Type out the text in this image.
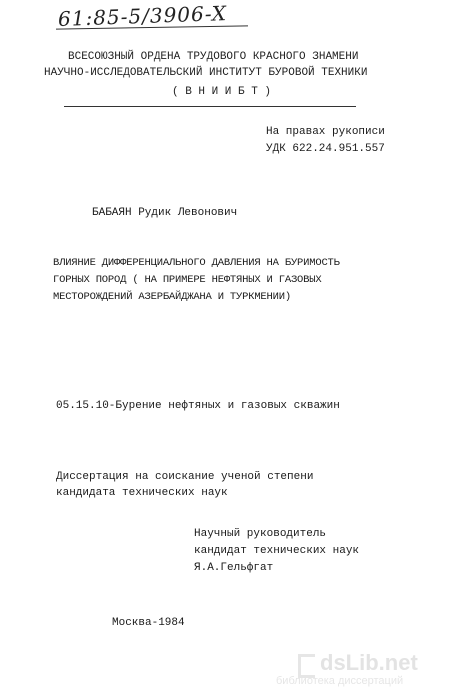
61:85-5/3906-X
ВСЕСОЮЗНЫЙ ОРДЕНА ТРУДОВОГО КРАСНОГО ЗНАМЕНИ
НАУЧНО-ИССЛЕДОВАТЕЛЬСКИЙ ИНСТИТУТ БУРОВОЙ ТЕХНИКИ
( В Н И И Б Т )
На правах рукописи
УДК 622.24.951.557
БАБАЯН Рудик Левонович
ВЛИЯНИЕ ДИФФЕРЕНЦИАЛЬНОГО ДАВЛЕНИЯ НА БУРИМОСТЬ
ГОРНЫХ ПОРОД ( НА ПРИМЕРЕ НЕФТЯНЫХ И ГАЗОВЫХ
МЕСТОРОЖДЕНИЙ АЗЕРБАЙДЖАНА И ТУРКМЕНИИ)
05.15.10-Бурение нефтяных и газовых скважин
Диссертация на соискание ученой степени
кандидата технических наук
Научный руководитель
кандидат технических наук
Я.А.Гельфгат
Москва-1984
dsLib.net
библиотека диссертаций
